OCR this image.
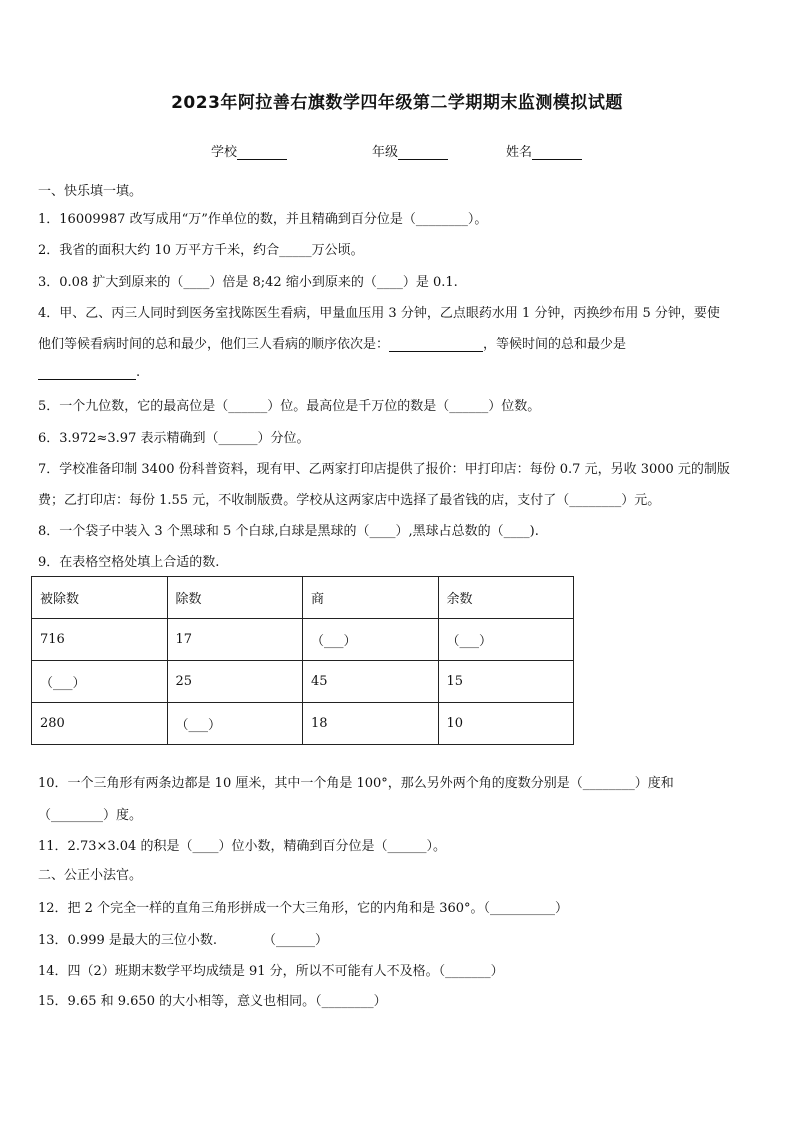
2023年阿拉善右旗数学四年级第二学期期末监测模拟试题
学校	年级	姓名
一、快乐填一填。
1．16009987 改写成用“万”作单位的数，并且精确到百分位是（________）。
2．我省的面积大约 10 万平方千米，约合_____万公顷。
3．0.08 扩大到原来的（____）倍是 8;42 缩小到原来的（____）是 0.1.
4．甲、乙、丙三人同时到医务室找陈医生看病，甲量血压用 3 分钟，乙点眼药水用 1 分钟，丙换纱布用 5 分钟，要使
他们等候看病时间的总和最少，他们三人看病的顺序依次是：	，等候时间的总和最少是
.
5．一个九位数，它的最高位是（______）位。最高位是千万位的数是（______）位数。
6．3.972≈3.97 表示精确到（______）分位。
7．学校准备印制 3400 份科普资料，现有甲、乙两家打印店提供了报价：甲打印店：每份 0.7 元，另收 3000 元的制版
费；乙打印店：每份 1.55 元，不收制版费。学校从这两家店中选择了最省钱的店，支付了（________）元。
8．一个袋子中装入 3 个黑球和 5 个白球,白球是黑球的（____）,黑球占总数的（____).
9．在表格空格处填上合适的数.
被除数	除数	商	余数
716	17	（___）	（___）
（___）	25	45	15
280	（___）	18	10
10．一个三角形有两条边都是 10 厘米，其中一个角是 100°，那么另外两个角的度数分别是（________）度和
（________）度。
11．2.73×3.04 的积是（____）位小数，精确到百分位是（______）。
二、公正小法官。
12．把 2 个完全一样的直角三角形拼成一个大三角形，它的内角和是 360°。（__________）
13．0.999 是最大的三位小数.	（______）
14．四（2）班期末数学平均成绩是 91 分，所以不可能有人不及格。（_______）
15．9.65 和 9.650 的大小相等，意义也相同。（________）
